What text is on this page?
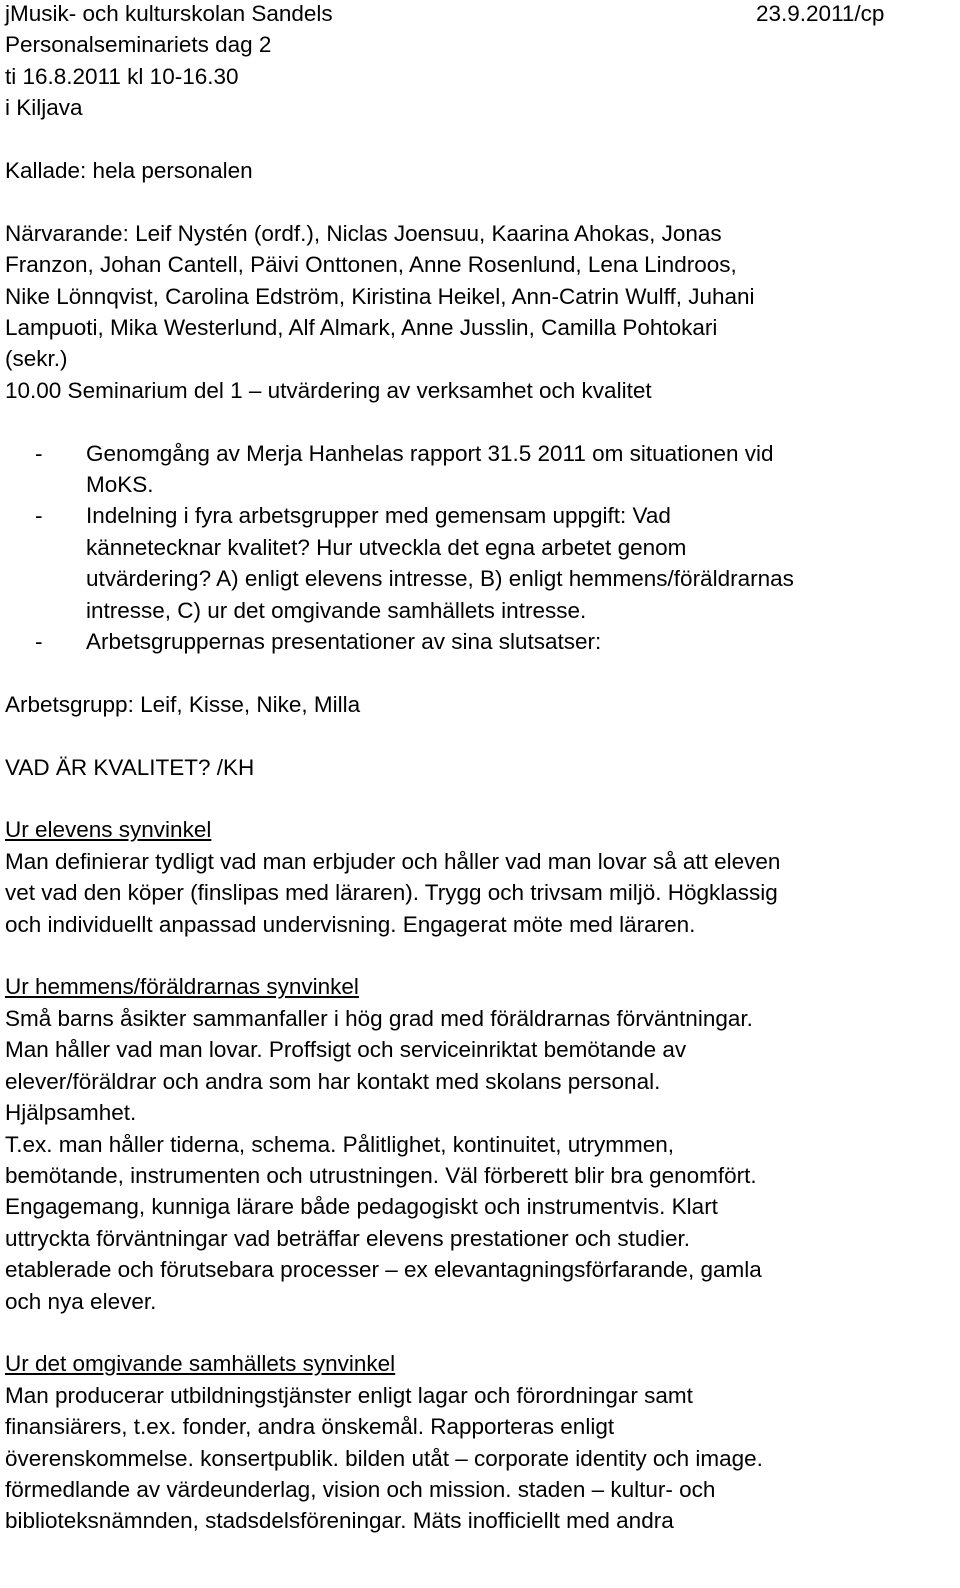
jMusik- och kulturskolan Sandels	23.9.2011/cp
Personalseminariets dag 2
ti 16.8.2011 kl 10-16.30
i Kiljava
Kallade: hela personalen
Närvarande: Leif Nystén (ordf.), Niclas Joensuu, Kaarina Ahokas, Jonas
Franzon, Johan Cantell, Päivi Onttonen, Anne Rosenlund, Lena Lindroos,
Nike Lönnqvist, Carolina Edström, Kiristina Heikel, Ann-Catrin Wulff, Juhani
Lampuoti, Mika Westerlund, Alf Almark, Anne Jusslin, Camilla Pohtokari
(sekr.)
10.00 Seminarium del 1 – utvärdering av verksamhet och kvalitet
- Genomgång av Merja Hanhelas rapport 31.5 2011 om situationen vid
MoKS.
- Indelning i fyra arbetsgrupper med gemensam uppgift: Vad
kännetecknar kvalitet? Hur utveckla det egna arbetet genom
utvärdering? A) enligt elevens intresse, B) enligt hemmens/föräldrarnas
intresse, C) ur det omgivande samhällets intresse.
- Arbetsgruppernas presentationer av sina slutsatser:
Arbetsgrupp: Leif, Kisse, Nike, Milla
VAD ÄR KVALITET? /KH
Ur elevens synvinkel
Man definierar tydligt vad man erbjuder och håller vad man lovar så att eleven
vet vad den köper (finslipas med läraren). Trygg och trivsam miljö. Högklassig
och individuellt anpassad undervisning. Engagerat möte med läraren.
Ur hemmens/föräldrarnas synvinkel
Små barns åsikter sammanfaller i hög grad med föräldrarnas förväntningar.
Man håller vad man lovar. Proffsigt och serviceinriktat bemötande av
elever/föräldrar och andra som har kontakt med skolans personal.
Hjälpsamhet.
T.ex. man håller tiderna, schema. Pålitlighet, kontinuitet, utrymmen,
bemötande, instrumenten och utrustningen. Väl förberett blir bra genomfört.
Engagemang, kunniga lärare både pedagogiskt och instrumentvis. Klart
uttryckta förväntningar vad beträffar elevens prestationer och studier.
etablerade och förutsebara processer – ex elevantagningsförfarande, gamla
och nya elever.
Ur det omgivande samhällets synvinkel
Man producerar utbildningstjänster enligt lagar och förordningar samt
finansiärers, t.ex. fonder, andra önskemål. Rapporteras enligt
överenskommelse. konsertpublik. bilden utåt – corporate identity och image.
förmedlande av värdeunderlag, vision och mission. staden – kultur- och
biblioteksnämnden, stadsdelsföreningar. Mäts inofficiellt med andra
